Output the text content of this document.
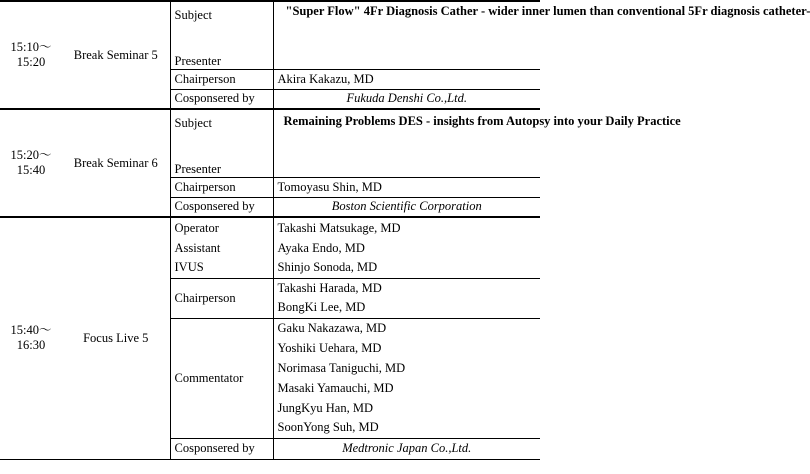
15:10〜
15:20	Break Seminar 5	Subject	"Super Flow" 4Fr Diagnosis Cather - wider inner lumen than conventional 5Fr diagnosis catheter-
		Presenter	
		Chairperson	Akira Kakazu, MD
		Cosponsered by	Fukuda Denshi Co.,Ltd.
15:20〜
15:40	Break Seminar 6	Subject	Remaining Problems DES - insights from Autopsy into your Daily Practice
		Presenter	
		Chairperson	Tomoyasu Shin, MD
		Cosponsered by	Boston Scientific Corporation
15:40〜
16:30	Focus Live 5	Operator	Takashi Matsukage, MD
		Assistant	Ayaka Endo, MD
		IVUS	Shinjo Sonoda, MD
		Chairperson	Takashi Harada, MD
			BongKi Lee, MD
		Commentator	Gaku Nakazawa, MD
			Yoshiki Uehara, MD
			Norimasa Taniguchi, MD
			Masaki Yamauchi, MD
			JungKyu Han, MD
			SoonYong Suh, MD
		Cosponsered by	Medtronic Japan Co.,Ltd.
